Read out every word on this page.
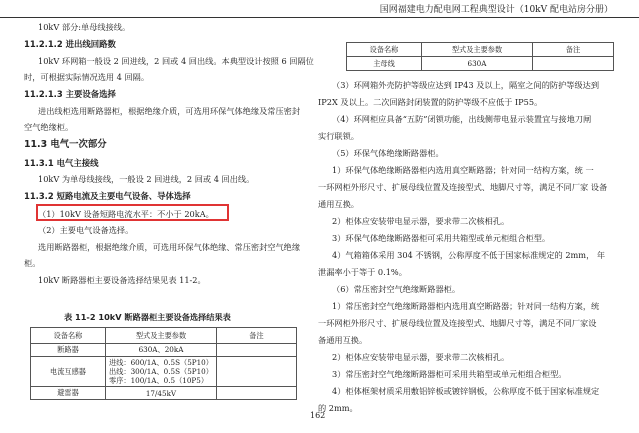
国网福建电力配电网工程典型设计（10kV 配电站房分册）
10kV 部分:单母线接线。
11.2.1.2 进出线回路数
10kV 环网箱一般设 2 回进线，2 回或 4 回出线。本典型设计按照 6 回隔位
时，可根据实际情况选用 4 回隔。
11.2.1.3 主要设备选择
进出线柜选用断路器柜，根据绝缘介质，可选用环保气体绝缘及常压密封
空气绝缘柜。
11.3 电气一次部分
11.3.1 电气主接线
10kV 为单母线接线，一般设 2 回进线，2 回或 4 回出线。
11.3.2 短路电流及主要电气设备、导体选择
（1）10kV 设备短路电流水平：不小于 20kA。
（2）主要电气设备选择。
选用断路器柜，根据绝缘介质，可选用环保气体绝缘、常压密封空气绝缘
柜。
10kV 断路器柜主要设备选择结果见表 11-2。
表 11-2 10kV 断路器柜主要设备选择结果表
设备名称	型式及主要参数	备注
断路器	630A、20kA	
电流互感器	进线：600/1A、0.5S（5P10）
出线：300/1A、0.5S（5P10）
零序：100/1A、0.5（10P5）	
避雷器	17/45kV	
设备名称	型式及主要参数	备注
主母线	630A	
（3）环网箱外壳防护等级应达到 IP43 及以上，隔室之间的防护等级达到
IP2X 及以上。二次回路封闭装置的防护等级不应低于 IP55。
（4）环网柜应具备“五防”闭锁功能，出线侧带电显示装置宜与接地刀闸
实行联锁。
（5）环保气体绝缘断路器柜。
1）环保气体绝缘断路器柜内选用真空断路器；针对同一结构方案，统 一
一环网柜外形尺寸、扩展母线位置及连接型式、地脚尺寸等，满足不同厂家 设备
通用互换。
2）柜体应安装带电显示器，要求带二次核相孔。
3）环保气体绝缘断路器柜可采用共箱型或单元柜组合柜型。
4）气箱箱体采用 304 不锈钢，公称厚度不低于国家标准规定的 2mm， 年
泄漏率小于等于 0.1%。
（6）常压密封空气绝缘断路器柜。
1）常压密封空气绝缘断路器柜内选用真空断路器；针对同一结构方案，统
一环网柜外形尺寸、扩展母线位置及连接型式、地脚尺寸等，满足不同厂家设
备通用互换。
2）柜体应安装带电显示器，要求带二次核相孔。
3）常压密封空气绝缘断路器柜可采用共箱型或单元柜组合柜型。
4）柜体框架材质采用敷铝锌板或镀锌钢板，公称厚度不低于国家标准规定
的 2mm。
162
